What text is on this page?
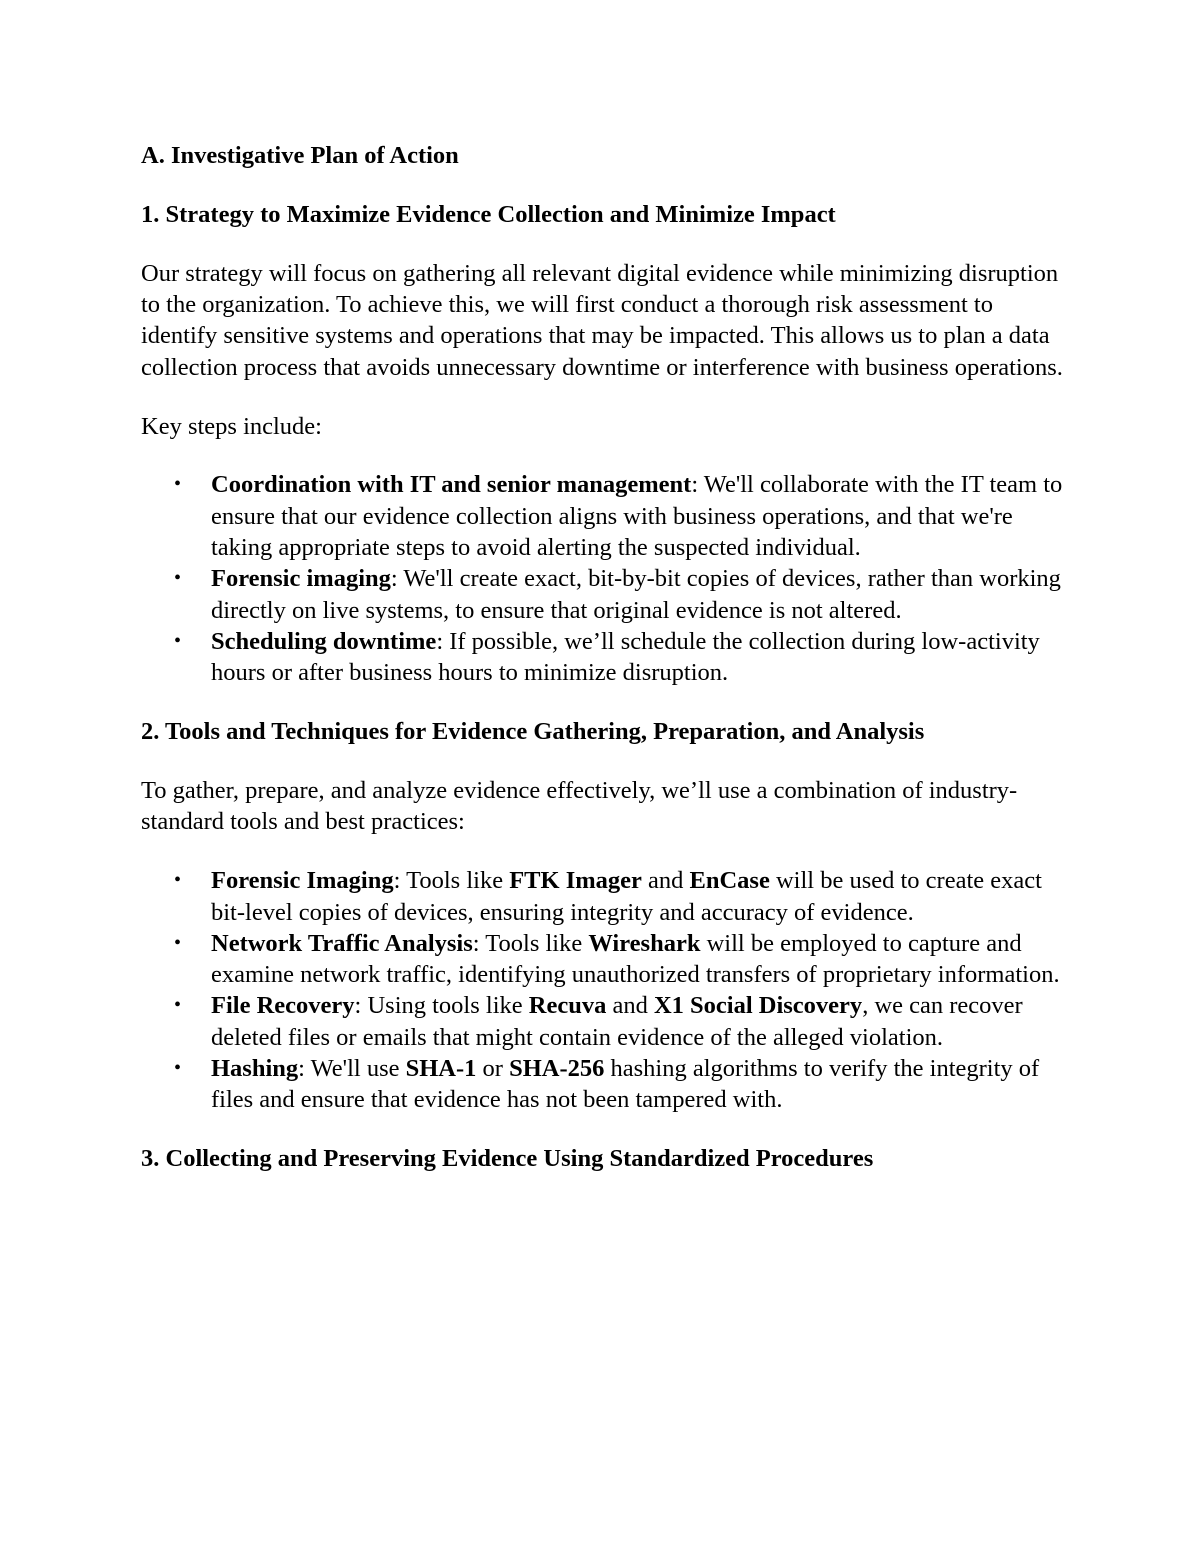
A. Investigative Plan of Action

1. Strategy to Maximize Evidence Collection and Minimize Impact

Our strategy will focus on gathering all relevant digital evidence while minimizing disruption to the organization. To achieve this, we will first conduct a thorough risk assessment to identify sensitive systems and operations that may be impacted. This allows us to plan a data collection process that avoids unnecessary downtime or interference with business operations.

Key steps include:

• Coordination with IT and senior management: We'll collaborate with the IT team to ensure that our evidence collection aligns with business operations, and that we're taking appropriate steps to avoid alerting the suspected individual.
• Forensic imaging: We'll create exact, bit-by-bit copies of devices, rather than working directly on live systems, to ensure that original evidence is not altered.
• Scheduling downtime: If possible, we’ll schedule the collection during low-activity hours or after business hours to minimize disruption.

2. Tools and Techniques for Evidence Gathering, Preparation, and Analysis

To gather, prepare, and analyze evidence effectively, we’ll use a combination of industry-standard tools and best practices:

• Forensic Imaging: Tools like FTK Imager and EnCase will be used to create exact bit-level copies of devices, ensuring integrity and accuracy of evidence.
• Network Traffic Analysis: Tools like Wireshark will be employed to capture and examine network traffic, identifying unauthorized transfers of proprietary information.
• File Recovery: Using tools like Recuva and X1 Social Discovery, we can recover deleted files or emails that might contain evidence of the alleged violation.
• Hashing: We'll use SHA-1 or SHA-256 hashing algorithms to verify the integrity of files and ensure that evidence has not been tampered with.

3. Collecting and Preserving Evidence Using Standardized Procedures
